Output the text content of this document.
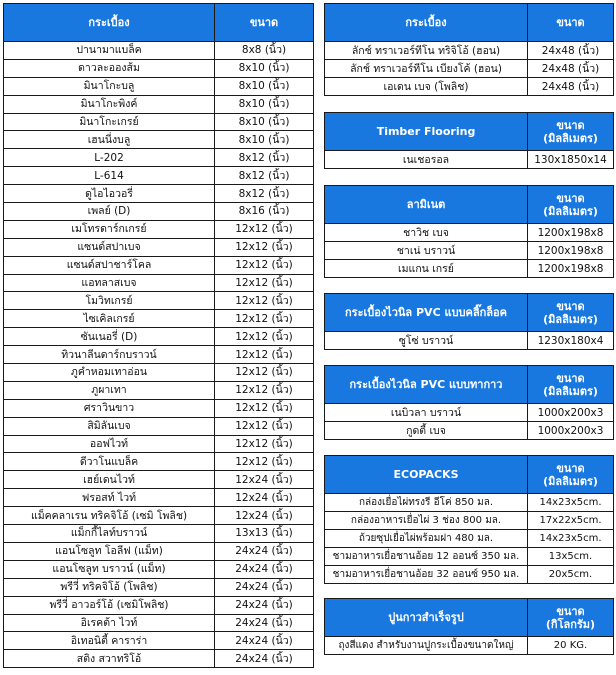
กระเบื้อง	ขนาด
ปานามาแบล็ค	8x8 (นิ้ว)
ดาวละอองส้ม	8x10 (นิ้ว)
มินาโกะบลู	8x10 (นิ้ว)
มินาโกะพิงค์	8x10 (นิ้ว)
มินาโกะเกรย์	8x10 (นิ้ว)
เฮนนี่งบลู	8x10 (นิ้ว)
L-202	8x12 (นิ้ว)
L-614	8x12 (นิ้ว)
ดูไอไอวอรี่	8x12 (นิ้ว)
เพลย์ (D)	8x16 (นิ้ว)
เมโทรดาร์กเกรย์	12x12 (นิ้ว)
แซนด์สปาเบจ	12x12 (นิ้ว)
แซนด์สปาชาร์โคล	12x12 (นิ้ว)
แอทลาสเบจ	12x12 (นิ้ว)
โมวิทเกรย์	12x12 (นิ้ว)
ไซเคิลเกรย์	12x12 (นิ้ว)
ซันเนอรี่ (D)	12x12 (นิ้ว)
ทิวนาลีนดาร์กบราวน์	12x12 (นิ้ว)
ภูคำหอมเทาอ่อน	12x12 (นิ้ว)
ภูผาเทา	12x12 (นิ้ว)
ศราวินขาว	12x12 (นิ้ว)
สิมิลันเบจ	12x12 (นิ้ว)
ออฟไวท์	12x12 (นิ้ว)
ดีวาโนแบล็ค	12x12 (นิ้ว)
เฮย์เดนไวท์	12x24 (นิ้ว)
ฟรอสท์ ไวท์	12x24 (นิ้ว)
แม็คคลาเรน ทริคจิโอ้ (เซมิ โพลิช)	12x24 (นิ้ว)
แม็กกี้ไลท์บราวน์	13x13 (นิ้ว)
แอนโซลูท โอลีฟ (แม็ท)	24x24 (นิ้ว)
แอนโซลูท บราวน์ (แม็ท)	24x24 (นิ้ว)
พรีวี่ ทริคจิโอ้ (โพลิช)	24x24 (นิ้ว)
พรีวี่ อาวอร์โอ้ (เซมิโพลิช)	24x24 (นิ้ว)
อิเรคต้า ไวท์	24x24 (นิ้ว)
อิเทอนิตี้ คาราร่า	24x24 (นิ้ว)
สติง สวาทริโอ้	24x24 (นิ้ว)
กระเบื้อง	ขนาด
ลักช์ ทราเวอร์ทีโน ทริจิโอ้ (ฮอน)	24x48 (นิ้ว)
ลักช์ ทราเวอร์ทีโน เบียงโค้ (ฮอน)	24x48 (นิ้ว)
เอเดน เบจ (โพลิช)	24x48 (นิ้ว)
Timber Flooring	ขนาด
(มิลลิเมตร)
เนเชอรอล	130x1850x14
ลามิเนต	ขนาด
(มิลลิเมตร)
ชาวิช เบจ	1200x198x8
ชาเน่ บราวน์	1200x198x8
เมแกน เกรย์	1200x198x8
กระเบื้องไวนิล PVC แบบคลิ๊กล็อค	ขนาด
(มิลลิเมตร)
ซูโซ่ บราวน์	1230x180x4
กระเบื้องไวนิล PVC แบบทากาว	ขนาด
(มิลลิเมตร)
เนบิวลา บราวน์	1000x200x3
กูดตี้ เบจ	1000x200x3
ECOPACKS	ขนาด
(มิลลิเมตร)
กล่องเยื่อไผ่ทรงรี อีโค่ 850 มล.	14x23x5cm.
กล่องอาหารเยื่อไผ่ 3 ช่อง 800 มล.	17x22x5cm.
ถ้วยซุปเยื่อไผ่พร้อมฝา 480 มล.	14x23x5cm.
ชามอาหารเยื่อชานอ้อย 12 ออนซ์ 350 มล.	13x5cm.
ชามอาหารเยื่อชานอ้อย 32 ออนซ์ 950 มล.	20x5cm.
ปูนกาวสำเร็จรูป	ขนาด
(กิโลกรัม)
ถุงสีแดง สำหรับงานปูกระเบื้องขนาดใหญ่	20 KG.
